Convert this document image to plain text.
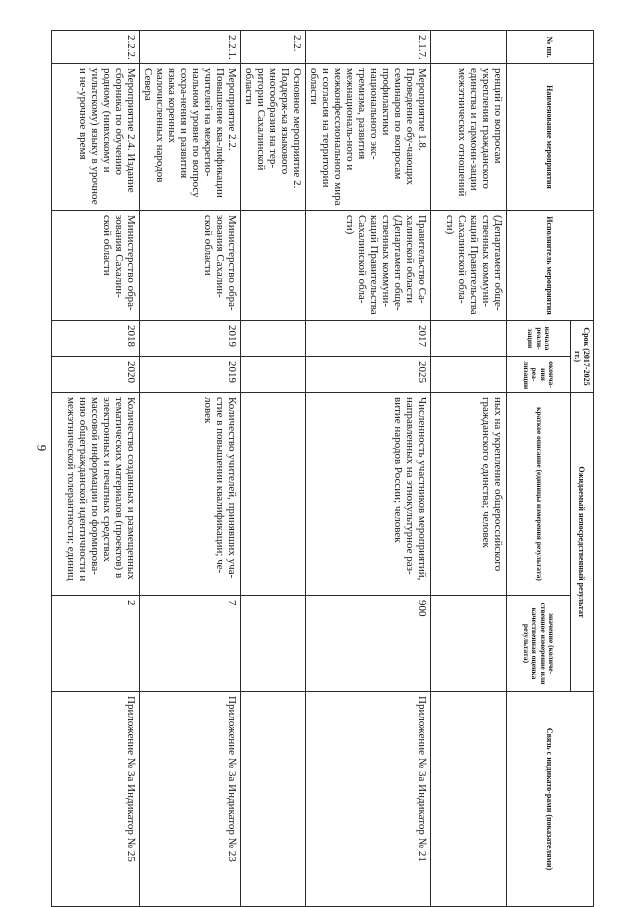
9
№ пп.	Наименование мероприятия	Исполнитель мероприятия	Срок (2017-2025 гг.)		Ожидаемый непосредственный результат		Связь с индикато-рами (показателями)
			начала реали-зации	оконча-ния реа-лизации	краткое описание (единицы измерения результата)	значение (количе-ственное измерение или качественная оценка результата)	
	ренций по вопросам укрепления гражданского единства и гармони-зации межэтнических отношений	(Департамент обще-ственных коммуни-каций Правительства Сахалинской обла-сти)			ных на укрепление общероссийского гражданского единства; человек		
2.1.7.	Мероприятие 1.8. Проведение обу-чающих семинаров по вопросам профилактики национального экс-тремизма, развития межнациональ-ного и межконфессионального мира и согласия на территории области	Правительство Са-халинской области (Департамент обще-ственных коммуни-каций Правительства Сахалинской обла-сти)	2017	2025	Численность участников мероприятий, направленных на этнокультурное раз-витие народов России; человек	900	Приложение № 3а Индикатор № 21
2.2.	Основное мероприятие 2. Поддерж-ка языкового многообразия на тер-ритории Сахалинской области						
2.2.1.	Мероприятие 2.2. Повышение ква-лификации учителей на межрегио-нальном уровне по вопросу сохра-нения и развития языка коренных малочисленных народов Севера	Министерство обра-зования Сахалин-ской области	2019	2019	Количество учителей, принявших уча-стие в повышении квалификации; че-ловек	7	Приложение № 3а Индикатор № 23
2.2.2.	Мероприятие 2.4. Издание сборника по обучению родному (нивхскому и уильтскому) языку в урочное и не-урочное время	Министерство обра-зования Сахалин-ской области	2018	2020	Количество созданных и размещенных тематических материалов (проектов) в электронных и печатных средствах массовой информации по формирова-нию общегражданской идентичности и межэтнической толерантности; единиц	2	Приложение № 3а Индикатор № 25
